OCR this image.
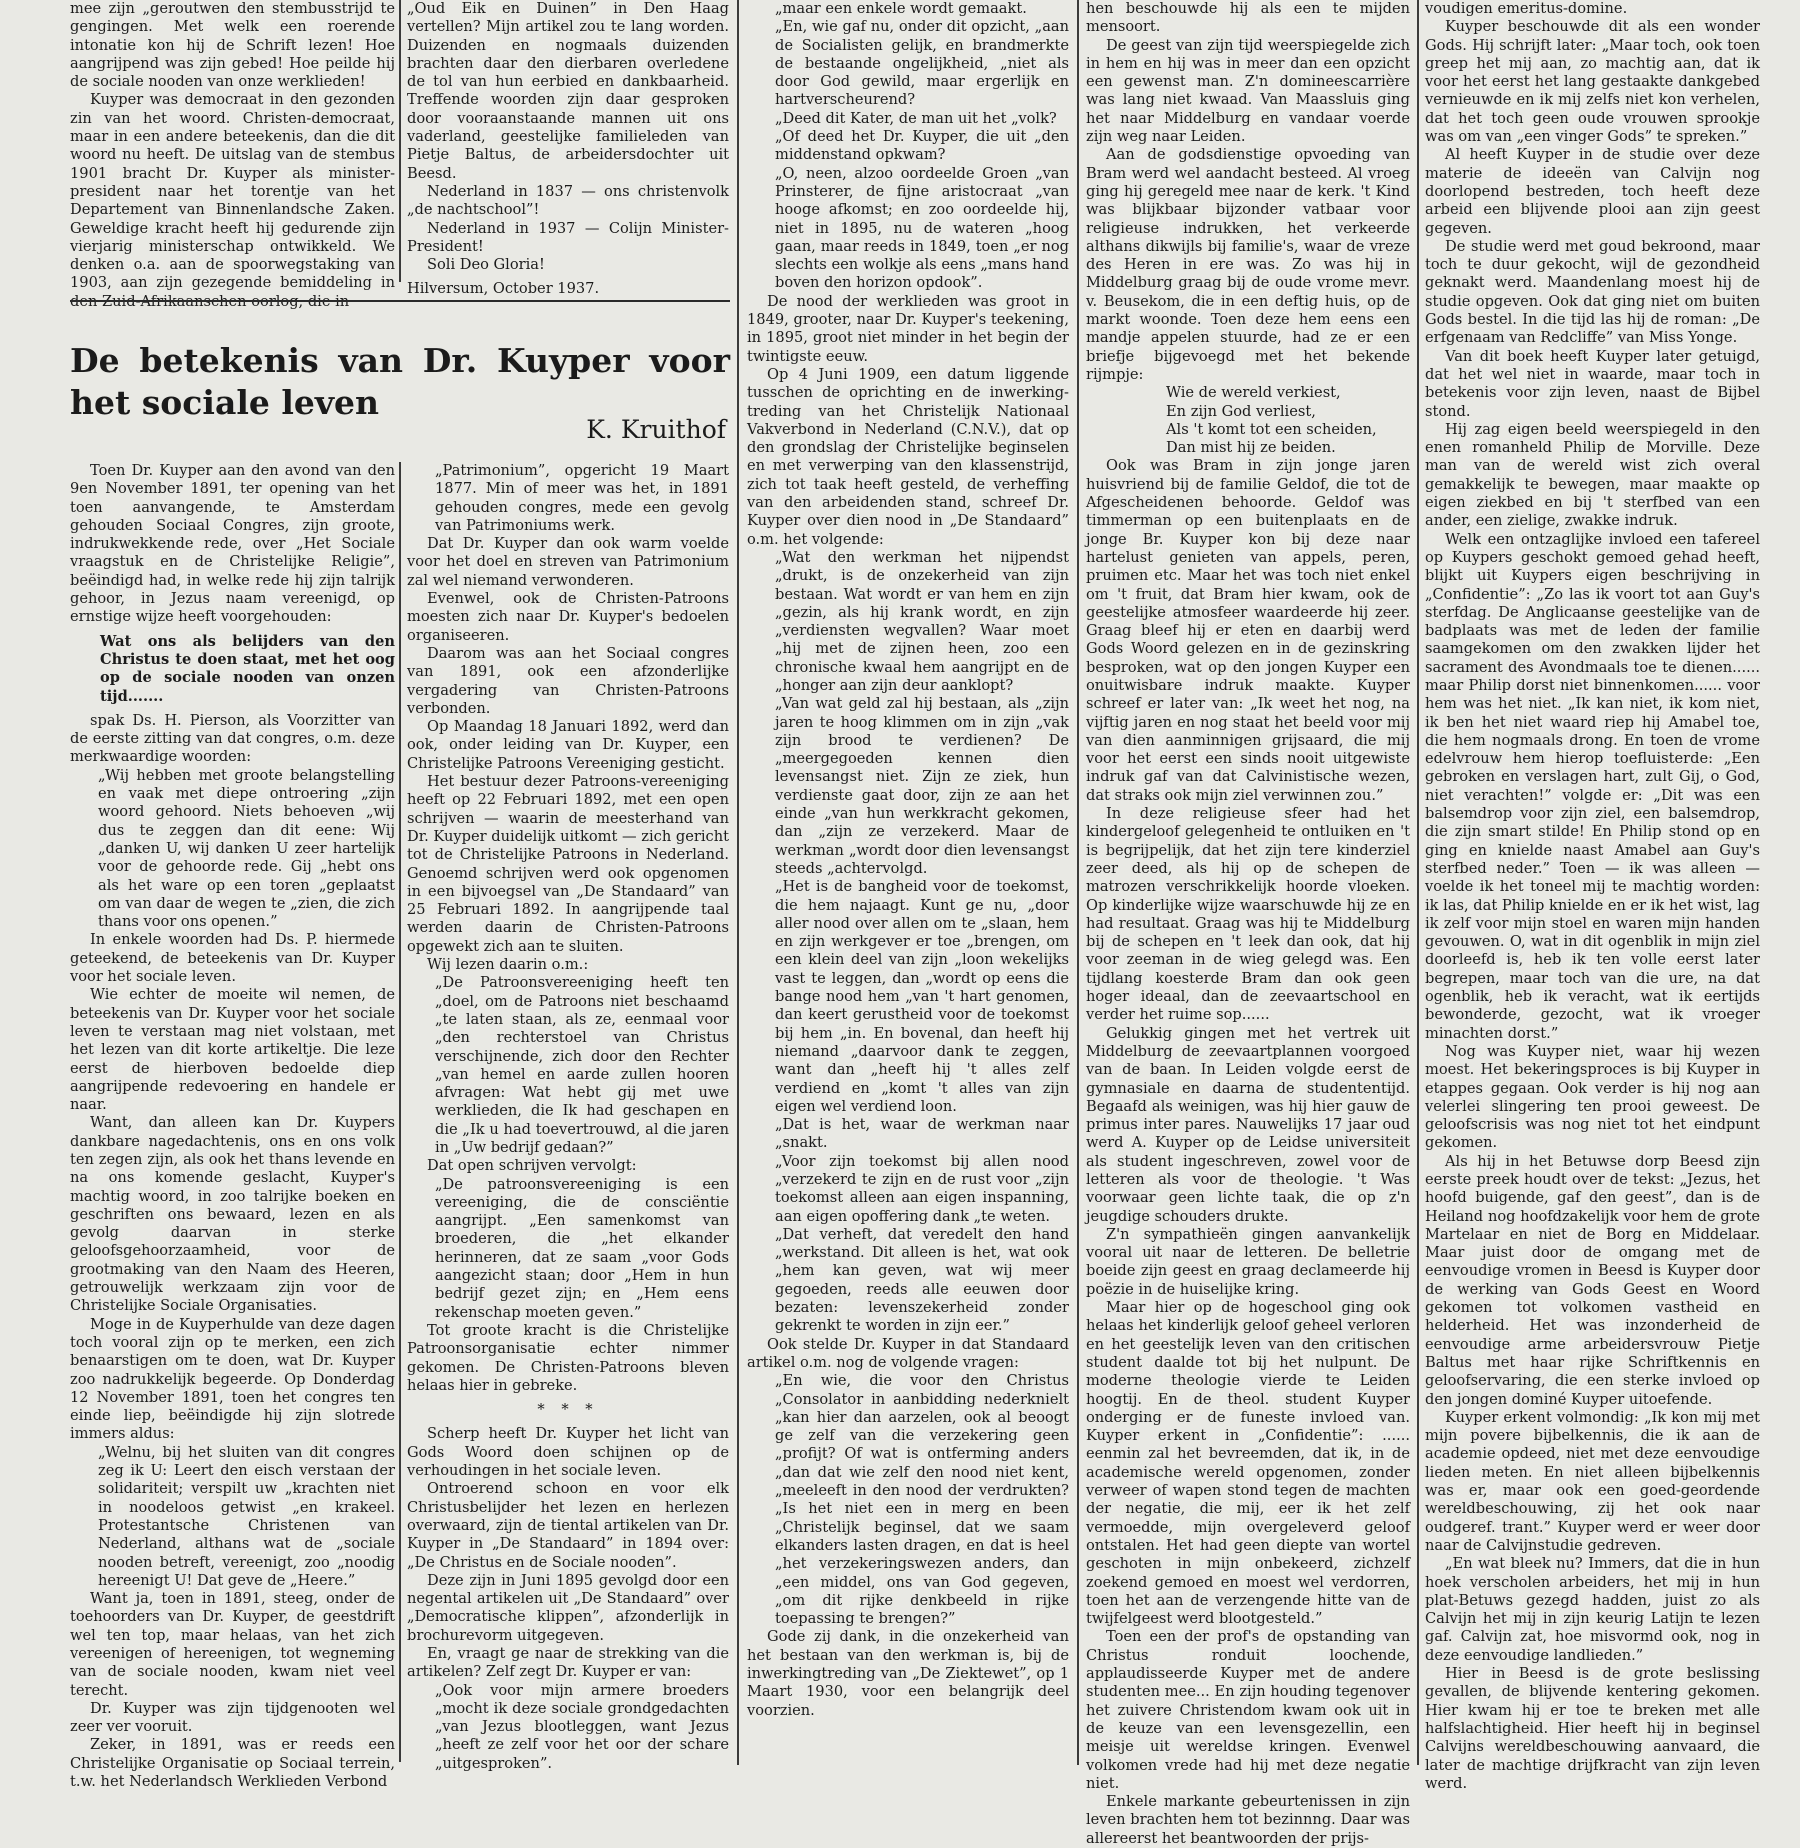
mee zijn „geroutwen den stembusstrijd te gengingen. Met welk een roerende intonatie kon hij de Schrift lezen! Hoe aangrijpend was zijn gebed! Hoe peilde hij de sociale nooden van onze werklieden!

Kuyper was democraat in den gezonden zin van het woord. Christen-democraat, maar in een andere beteekenis, dan die dit woord nu heeft. De uitslag van de stembus 1901 bracht Dr. Kuyper als minister-president naar het torentje van het Departement van Binnenlandsche Zaken. Geweldige kracht heeft hij gedurende zijn vierjarig ministerschap ontwikkeld. We denken o.a. aan de spoorwegstaking van 1903, aan zijn gezegende bemiddeling in

„Oud Eik en Duinen” in Den Haag vertellen? Mijn artikel zou te lang worden. Duizenden en nogmaals duizenden brachten daar den dierbaren overledene de tol van hun eerbied en dankbaarheid. Treffende woorden zijn daar gesproken door vooraanstaande mannen uit ons vaderland, geestelijke familieleden van Pietje Baltus, de arbeidersdochter uit Beesd.

Nederland in 1837 — ons christenvolk „de nachtschool”!

Nederland in 1937 — Colijn Minister-President!

Soli Deo Gloria!

Hilversum, October 1937.

De betekenis van Dr. Kuyper voor
het sociale leven
K. Kruithof

Toen Dr. Kuyper aan den avond van den 9en November 1891, ter opening van het toen aanvangende, te Amsterdam gehouden Sociaal Congres, zijn groote, indrukwekkende rede, over „Het Sociale vraagstuk en de Christelijke Religie”, beëindigd had, in welke rede hij zijn talrijk gehoor, in Jezus naam vereenigd, op ernstige wijze heeft voorgehouden:

Wat ons als belijders van den Christus te doen staat, met het oog op de sociale nooden van onzen tijd.......

spak Ds. H. Pierson, als Voorzitter van de eerste zitting van dat congres, o.m. deze merkwaardige woorden:

„Wij hebben met groote belangstelling en vaak met diepe ontroering „zijn woord gehoord. Niets behoeven „wij dus te zeggen dan dit eene: Wij „danken U, wij danken U zeer hartelijk voor de gehoorde rede. Gij „hebt ons als het ware op een toren „geplaatst om van daar de wegen te „zien, die zich thans voor ons openen.”

In enkele woorden had Ds. P. hiermede geteekend, de beteekenis van Dr. Kuyper voor het sociale leven.

Wie echter de moeite wil nemen, de beteekenis van Dr. Kuyper voor het sociale leven te verstaan mag niet volstaan, met het lezen van dit korte artikeltje. Die leze eerst de hierboven bedoelde diep aangrijpende redevoering en handele er naar.

Want, dan alleen kan Dr. Kuypers dankbare nagedachtenis, ons en ons volk ten zegen zijn, als ook het thans levende en na ons komende geslacht, Kuyper's machtig woord, in zoo talrijke boeken en geschriften ons bewaard, lezen en als gevolg daarvan in sterke geloofsgehoorzaamheid, voor de grootmaking van den Naam des Heeren, getrouwelijk werkzaam zijn voor de Christelijke Sociale Organisaties.

Moge in de Kuyperhulde van deze dagen toch vooral zijn op te merken, een zich benaarstigen om te doen, wat Dr. Kuyper zoo nadrukkelijk begeerde. Op Donderdag 12 November 1891, toen het congres ten einde liep, beëindigde hij zijn slotrede immers aldus:

„Welnu, bij het sluiten van dit congres zeg ik U: Leert den eisch verstaan der solidariteit; verspilt uw „krachten niet in noodeloos getwist „en krakeel. Protestantsche Christenen van Nederland, althans wat de „sociale nooden betreft, vereenigt, zoo „noodig hereenigt U! Dat geve de „Heere.”

Want ja, toen in 1891, steeg, onder de toehoorders van Dr. Kuyper, de geestdrift wel ten top, maar helaas, van het zich vereenigen of hereenigen, tot wegneming van de sociale nooden, kwam niet veel terecht.

Dr. Kuyper was zijn tijdgenooten wel zeer ver vooruit.

Zeker, in 1891, was er reeds een Christelijke Organisatie op Sociaal terrein, t.w. het Nederlandsch Werklieden Verbond

„Patrimonium”, opgericht 19 Maart 1877. Min of meer was het, in 1891 gehouden congres, mede een gevolg van Patrimoniums werk.

Dat Dr. Kuyper dan ook warm voelde voor het doel en streven van Patrimonium zal wel niemand verwonderen.

Evenwel, ook de Christen-Patroons moesten zich naar Dr. Kuyper's bedoelen organiseeren.

Daarom was aan het Sociaal congres van 1891, ook een afzonderlijke vergadering van Christen-Patroons verbonden.

Op Maandag 18 Januari 1892, werd dan ook, onder leiding van Dr. Kuyper, een Christelijke Patroons Vereeniging gesticht.

Het bestuur dezer Patroons-vereeniging heeft op 22 Februari 1892, met een open schrijven — waarin de meesterhand van Dr. Kuyper duidelijk uitkomt — zich gericht tot de Christelijke Patroons in Nederland. Genoemd schrijven werd ook opgenomen in een bijvoegsel van „De Standaard” van 25 Februari 1892. In aangrijpende taal werden daarin de Christen-Patroons opgewekt zich aan te sluiten.

Wij lezen daarin o.m.:

„De Patroonsvereeniging heeft ten „doel, om de Patroons niet beschaamd „te laten staan, als ze, eenmaal voor „den rechterstoel van Christus verschijnende, zich door den Rechter „van hemel en aarde zullen hooren afvragen: Wat hebt gij met uwe werklieden, die Ik had geschapen en die „Ik u had toevertrouwd, al die jaren in „Uw bedrijf gedaan?”

Dat open schrijven vervolgt:

„De patroonsvereeniging is een vereeniging, die de consciëntie aangrijpt. „Een samenkomst van broederen, die „het elkander herinneren, dat ze saam „voor Gods aangezicht staan; door „Hem in hun bedrijf gezet zijn; en „Hem eens rekenschap moeten geven.”

Tot groote kracht is die Christelijke Patroonsorganisatie echter nimmer gekomen. De Christen-Patroons bleven helaas hier in gebreke.

* * *

Scherp heeft Dr. Kuyper het licht van Gods Woord doen schijnen op de verhoudingen in het sociale leven.

Ontroerend schoon en voor elk Christusbelijder het lezen en herlezen overwaard, zijn de tiental artikelen van Dr. Kuyper in „De Standaard” in 1894 over: „De Christus en de Sociale nooden”.

Deze zijn in Juni 1895 gevolgd door een negental artikelen uit „De Standaard” over „Democratische klippen”, afzonderlijk in brochurevorm uitgegeven.

En, vraagt ge naar de strekking van die artikelen? Zelf zegt Dr. Kuyper er van:

„Ook voor mijn armere broeders „mocht ik deze sociale grondgedachten „van Jezus blootleggen, want Jezus „heeft ze zelf voor het oor der schare „uitgesproken”.

„maar een enkele wordt gemaakt.

„En, wie gaf nu, onder dit opzicht, „aan de Socialisten gelijk, en brandmerkte de bestaande ongelijkheid, „niet als door God gewild, maar ergerlijk en hartverscheurend?

„Deed dit Kater, de man uit het „volk?

„Of deed het Dr. Kuyper, die uit „den middenstand opkwam?

„O, neen, alzoo oordeelde Groen „van Prinsterer, de fijne aristocraat „van hooge afkomst; en zoo oordeelde hij, niet in 1895, nu de wateren „hoog gaan, maar reeds in 1849, toen „er nog slechts een wolkje als eens „mans hand boven den horizon opdook”.

De nood der werklieden was groot in 1849, grooter, naar Dr. Kuyper's teekening, in 1895, groot niet minder in het begin der twintigste eeuw.

Op 4 Juni 1909, een datum liggende tusschen de oprichting en de inwerking-treding van het Christelijk Nationaal Vakverbond in Nederland (C.N.V.), dat op den grondslag der Christelijke beginselen en met verwerping van den klassenstrijd, zich tot taak heeft gesteld, de verheffing van den arbeidenden stand, schreef Dr. Kuyper over dien nood in „De Standaard” o.m. het volgende:

„Wat den werkman het nijpendst „drukt, is de onzekerheid van zijn bestaan. Wat wordt er van hem en zijn „gezin, als hij krank wordt, en zijn „verdiensten wegvallen? Waar moet „hij met de zijnen heen, zoo een chronische kwaal hem aangrijpt en de „honger aan zijn deur aanklopt?

„Van wat geld zal hij bestaan, als „zijn jaren te hoog klimmen om in zijn „vak zijn brood te verdienen? De „meergegoeden kennen dien levensangst niet. Zijn ze ziek, hun verdienste gaat door, zijn ze aan het einde „van hun werkkracht gekomen, dan „zijn ze verzekerd. Maar de werkman „wordt door dien levensangst steeds „achtervolgd.

„Het is de bangheid voor de toekomst, die hem najaagt. Kunt ge nu, „door aller nood over allen om te „slaan, hem en zijn werkgever er toe „brengen, om een klein deel van zijn „loon wekelijks vast te leggen, dan „wordt op eens die bange nood hem „van 't hart genomen, dan keert gerustheid voor de toekomst bij hem „in. En bovenal, dan heeft hij niemand „daarvoor dank te zeggen, want dan „heeft hij 't alles zelf verdiend en „komt 't alles van zijn eigen wel verdiend loon.

„Dat is het, waar de werkman naar „snakt.

„Voor zijn toekomst bij allen nood „verzekerd te zijn en de rust voor „zijn toekomst alleen aan eigen inspanning, aan eigen opoffering dank „te weten.

„Dat verheft, dat veredelt den hand „werkstand. Dit alleen is het, wat ook „hem kan geven, wat wij meer gegoeden, reeds alle eeuwen door bezaten: levenszekerheid zonder gekrenkt te worden in zijn eer.”

Ook stelde Dr. Kuyper in dat Standaard artikel o.m. nog de volgende vragen:

„En wie, die voor den Christus „Consolator in aanbidding nederknielt „kan hier dan aarzelen, ook al beoogt ge zelf van die verzekering geen „profijt? Of wat is ontferming anders „dan dat wie zelf den nood niet kent, „meeleeft in den nood der verdrukten? „Is het niet een in merg en been „Christelijk beginsel, dat we saam elkanders lasten dragen, en dat is heel „het verzekeringswezen anders, dan „een middel, ons van God gegeven, „om dit rijke denkbeeld in rijke toepassing te brengen?”

Gode zij dank, in die onzekerheid van het bestaan van den werkman is, bij de inwerkingtreding van „De Ziektewet”, op 1 Maart 1930, voor een belangrijk deel voorzien.

hen beschouwde hij als een te mijden mensoort.

De geest van zijn tijd weerspiegelde zich in hem en hij was in meer dan een opzicht een gewenst man. Z'n domineescarrière was lang niet kwaad. Van Maassluis ging het naar Middelburg en vandaar voerde zijn weg naar Leiden.

Aan de godsdienstige opvoeding van Bram werd wel aandacht besteed. Al vroeg ging hij geregeld mee naar de kerk. 't Kind was blijkbaar bijzonder vatbaar voor religieuse indrukken, het verkeerde althans dikwijls bij familie's, waar de vreze des Heren in ere was. Zo was hij in Middelburg graag bij de oude vrome mevr. v. Beusekom, die in een deftig huis, op de markt woonde. Toen deze hem eens een mandje appelen stuurde, had ze er een briefje bijgevoegd met het bekende rijmpje:

Wie de wereld verkiest,

En zijn God verliest,

Als 't komt tot een scheiden,

Dan mist hij ze beiden.

Ook was Bram in zijn jonge jaren huisvriend bij de familie Geldof, die tot de Afgescheidenen behoorde. Geldof was timmerman op een buitenplaats en de jonge Br. Kuyper kon bij deze naar hartelust genieten van appels, peren, pruimen etc. Maar het was toch niet enkel om 't fruit, dat Bram hier kwam, ook de geestelijke atmosfeer waardeerde hij zeer. Graag bleef hij er eten en daarbij werd Gods Woord gelezen en in de gezinskring besproken, wat op den jongen Kuyper een onuitwisbare indruk maakte. Kuyper schreef er later van: „Ik weet het nog, na vijftig jaren en nog staat het beeld voor mij van dien aanminnigen grijsaard, die mij voor het eerst een sinds nooit uitgewiste indruk gaf van dat Calvinistische wezen, dat straks ook mijn ziel verwinnen zou.”

In deze religieuse sfeer had het kindergeloof gelegenheid te ontluiken en 't is begrijpelijk, dat het zijn tere kinderziel zeer deed, als hij op de schepen de matrozen verschrikkelijk hoorde vloeken. Op kinderlijke wijze waarschuwde hij ze en had resultaat. Graag was hij te Middelburg bij de schepen en 't leek dan ook, dat hij voor zeeman in de wieg gelegd was. Een tijdlang koesterde Bram dan ook geen hoger ideaal, dan de zeevaartschool en verder het ruime sop......

Gelukkig gingen met het vertrek uit Middelburg de zeevaartplannen voorgoed van de baan. In Leiden volgde eerst de gymnasiale en daarna de studententijd. Begaafd als weinigen, was hij hier gauw de primus inter pares. Nauwelijks 17 jaar oud werd A. Kuyper op de Leidse universiteit als student ingeschreven, zowel voor de letteren als voor de theologie. 't Was voorwaar geen lichte taak, die op z'n jeugdige schouders drukte.

Z'n sympathieën gingen aanvankelijk vooral uit naar de letteren. De belletrie boeide zijn geest en graag declameerde hij poëzie in de huiselijke kring.

Maar hier op de hogeschool ging ook helaas het kinderlijk geloof geheel verloren en het geestelijk leven van den critischen student daalde tot bij het nulpunt. De moderne theologie vierde te Leiden hoogtij. En de theol. student Kuyper onderging er de funeste invloed van. Kuyper erkent in „Confidentie”: ...... eenmin zal het bevreemden, dat ik, in de academische wereld opgenomen, zonder verweer of wapen stond tegen de machten der negatie, die mij, eer ik het zelf vermoedde, mijn overgeleverd geloof ontstalen. Het had geen diepte van wortel geschoten in mijn onbekeerd, zichzelf zoekend gemoed en moest wel verdorren, toen het aan de verzengende hitte van de twijfelgeest werd blootgesteld.”

Toen een der prof's de opstanding van Christus ronduit loochende, applaudisseerde Kuyper met de andere studenten mee... En zijn houding tegenover het zuivere Christendom kwam ook uit in de keuze van een levensgezellin, een meisje uit wereldse kringen. Evenwel volkomen vrede had hij met deze negatie niet.

Enkele markante gebeurtenissen in zijn leven brachten hem tot bezinnng. Daar was allereerst het beantwoorden der prijs-

voudigen emeritus-domine.

Kuyper beschouwde dit als een wonder Gods. Hij schrijft later: „Maar toch, ook toen greep het mij aan, zo machtig aan, dat ik voor het eerst het lang gestaakte dankgebed vernieuwde en ik mij zelfs niet kon verhelen, dat het toch geen oude vrouwen sprookje was om van „een vinger Gods” te spreken.”

Al heeft Kuyper in de studie over deze materie de ideeën van Calvijn nog doorlopend bestreden, toch heeft deze arbeid een blijvende plooi aan zijn geest gegeven.

De studie werd met goud bekroond, maar toch te duur gekocht, wijl de gezondheid geknakt werd. Maandenlang moest hij de studie opgeven. Ook dat ging niet om buiten Gods bestel. In die tijd las hij de roman: „De erfgenaam van Redcliffe” van Miss Yonge.

Van dit boek heeft Kuyper later getuigd, dat het wel niet in waarde, maar toch in betekenis voor zijn leven, naast de Bijbel stond.

Hij zag eigen beeld weerspiegeld in den enen romanheld Philip de Morville. Deze man van de wereld wist zich overal gemakkelijk te bewegen, maar maakte op eigen ziekbed en bij 't sterfbed van een ander, een zielige, zwakke indruk.

Welk een ontzaglijke invloed een tafereel op Kuypers geschokt gemoed gehad heeft, blijkt uit Kuypers eigen beschrijving in „Confidentie”: „Zo las ik voort tot aan Guy's sterfdag. De Anglicaanse geestelijke van de badplaats was met de leden der familie saamgekomen om den zwakken lijder het sacrament des Avondmaals toe te dienen...... maar Philip dorst niet binnenkomen...... voor hem was het niet. „Ik kan niet, ik kom niet, ik ben het niet waard riep hij Amabel toe, die hem nogmaals drong. En toen de vrome edelvrouw hem hierop toefluisterde: „Een gebroken en verslagen hart, zult Gij, o God, niet verachten!” volgde er: „Dit was een balsemdrop voor zijn ziel, een balsemdrop, die zijn smart stilde! En Philip stond op en ging en knielde naast Amabel aan Guy's sterfbed neder.” Toen — ik was alleen — voelde ik het toneel mij te machtig worden: ik las, dat Philip knielde en er ik het wist, lag ik zelf voor mijn stoel en waren mijn handen gevouwen. O, wat in dit ogenblik in mijn ziel doorleefd is, heb ik ten volle eerst later begrepen, maar toch van die ure, na dat ogenblik, heb ik veracht, wat ik eertijds bewonderde, gezocht, wat ik vroeger minachten dorst.”

Nog was Kuyper niet, waar hij wezen moest. Het bekeringsproces is bij Kuyper in etappes gegaan. Ook verder is hij nog aan velerlei slingering ten prooi geweest. De geloofscrisis was nog niet tot het eindpunt gekomen.

Als hij in het Betuwse dorp Beesd zijn eerste preek houdt over de tekst: „Jezus, het hoofd buigende, gaf den geest”, dan is de Heiland nog hoofdzakelijk voor hem de grote Martelaar en niet de Borg en Middelaar. Maar juist door de omgang met de eenvoudige vromen in Beesd is Kuyper door de werking van Gods Geest en Woord gekomen tot volkomen vastheid en helderheid. Het was inzonderheid de eenvoudige arme arbeidersvrouw Pietje Baltus met haar rijke Schriftkennis en geloofservaring, die een sterke invloed op den jongen dominé Kuyper uitoefende.

Kuyper erkent volmondig: „Ik kon mij met mijn povere bijbelkennis, die ik aan de academie opdeed, niet met deze eenvoudige lieden meten. En niet alleen bijbelkennis was er, maar ook een goed-geordende wereldbeschouwing, zij het ook naar oudgeref. trant.” Kuyper werd er weer door naar de Calvijnstudie gedreven.

„En wat bleek nu? Immers, dat die in hun hoek verscholen arbeiders, het mij in hun plat-Betuws gezegd hadden, juist zo als Calvijn het mij in zijn keurig Latijn te lezen gaf. Calvijn zat, hoe misvormd ook, nog in deze eenvoudige landlieden.”

Hier in Beesd is de grote beslissing gevallen, de blijvende kentering gekomen. Hier kwam hij er toe te breken met alle halfslachtigheid. Hier heeft hij in beginsel Calvijns wereldbeschouwing aanvaard, die later de machtige drijfkracht van zijn leven werd.
